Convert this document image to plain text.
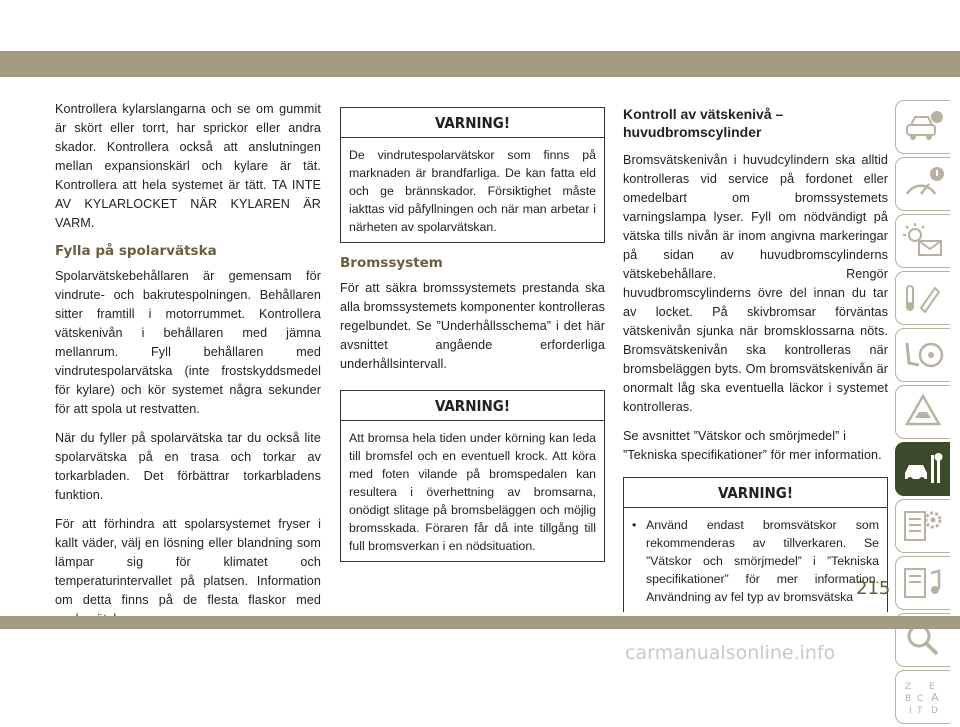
Kontrollera kylarslangarna och se om gummit är skört eller torrt, har sprickor eller andra skador. Kontrollera också att anslutningen mellan expansionskärl och kylare är tät. Kontrollera att hela systemet är tätt. TA INTE AV KYLARLOCKET NÄR KYLAREN ÄR VARM.

Fylla på spolarvätska

Spolarvätskebehållaren är gemensam för vindrute- och bakrutespolningen. Behållaren sitter framtill i motorrummet. Kontrollera vätskenivån i behållaren med jämna mellanrum. Fyll behållaren med vindrutespolarvätska (inte frostskyddsmedel för kylare) och kör systemet några sekunder för att spola ut restvatten.

När du fyller på spolarvätska tar du också lite spolarvätska på en trasa och torkar av torkarbladen. Det förbättrar torkarbladens funktion.

För att förhindra att spolarsystemet fryser i kallt väder, välj en lösning eller blandning som lämpar sig för klimatet och temperaturintervallet på platsen. Information om detta finns på de flesta flaskor med

VARNING!
De vindrutespolarvätskor som finns på marknaden är brandfarliga. De kan fatta eld och ge brännskador. Försiktighet måste iakttas vid påfyllningen och när man arbetar i närheten av spolarvätskan.
Bromssystem

För att säkra bromssystemets prestanda ska alla bromssystemets komponenter kontrolleras regelbundet. Se ”Underhållsschema” i det här avsnittet angående erforderliga underhållsintervall.

VARNING!
Att bromsa hela tiden under körning kan leda till bromsfel och en eventuell krock. Att köra med foten vilande på bromspedalen kan resultera i överhettning av bromsarna, onödigt slitage på bromsbeläggen och möjlig bromsskada. Föraren får då inte tillgång till full bromsverkan i en nödsituation.
Kontroll av vätskenivå – huvudbromscylinder

Bromsvätskenivån i huvudcylindern ska alltid kontrolleras vid service på fordonet eller omedelbart om bromssystemets varningslampa lyser. Fyll om nödvändigt på vätska tills nivån är inom angivna markeringar på sidan av huvudbromscylinderns vätskebehållare. Rengör huvudbromscylinderns övre del innan du tar av locket. På skivbromsar förväntas vätskenivån sjunka när bromsklossarna nöts. Bromsvätskenivån ska kontrolleras när bromsbeläggen byts. Om bromsvätskenivån är onormalt låg ska eventuella läckor i systemet kontrolleras.

Se avsnittet ”Vätskor och smörjmedel” i ”Tekniska specifikationer” för mer information.

VARNING!
• Använd endast bromsvätskor som rekommenderas av tillverkaren. Se ”Vätskor och smörjmedel” i ”Tekniska specifikationer” för mer information. Användning av fel typ av bromsvätska
Z E
B C A
I T D
215
carmanualsonline.info
